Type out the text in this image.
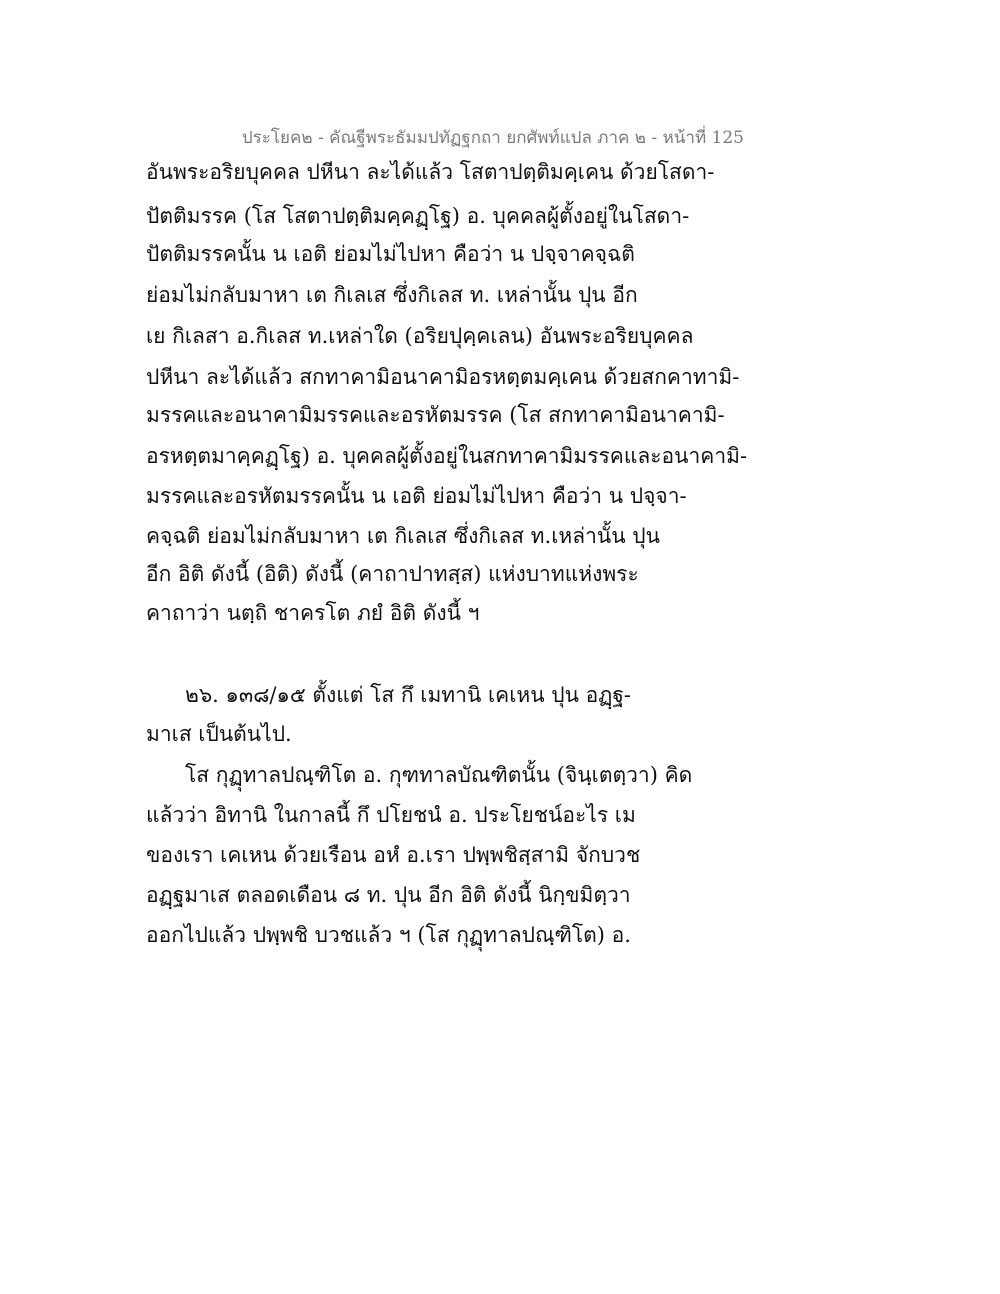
ประโยค๒ - คัณฐีพระธัมมปทัฏฐกถา ยกศัพท์แปล ภาค ๒ - หน้าที่ 125
อันพระอริยบุคคล ปหีนา ละได้แล้ว โสตาปตฺติมคฺเคน ด้วยโสดา-
ปัตติมรรค (โส โสตาปตฺติมคฺคฏฺโฐ) อ. บุคคลผู้ตั้งอยู่ในโสดา-
ปัตติมรรคนั้น น เอติ ย่อมไม่ไปหา คือว่า น ปจฺจาคจฺฉติ
ย่อมไม่กลับมาหา เต กิเลเส ซึ่งกิเลส ท. เหล่านั้น ปุน อีก
เย กิเลสา อ.กิเลส ท.เหล่าใด (อริยปุคฺคเลน) อันพระอริยบุคคล
ปหีนา ละได้แล้ว สกทาคามิอนาคามิอรหตฺตมคฺเคน ด้วยสกคาทามิ-
มรรคและอนาคามิมรรคและอรหัตมรรค (โส สกทาคามิอนาคามิ-
อรหตฺตมาคฺคฏฺโฐ) อ. บุคคลผู้ตั้งอยู่ในสกทาคามิมรรคและอนาคามิ-
มรรคและอรหัตมรรคนั้น น เอติ ย่อมไม่ไปหา คือว่า น ปจฺจา-
คจฺฉติ ย่อมไม่กลับมาหา เต กิเลเส ซึ่งกิเลส ท.เหล่านั้น ปุน
อีก อิติ ดังนี้ (อิติ) ดังนี้ (คาถาปาทสฺส) แห่งบาทแห่งพระ
คาถาว่า นตฺถิ ชาครโต ภยํ อิติ ดังนี้ ฯ
๒๖. ๑๓๘/๑๕ ตั้งแต่ โส กึ เมทานิ เคเหน ปุน อฏฺฐ-
มาเส เป็นต้นไป.
โส กุฏุทาลปณฺฑิโต อ. กุฑทาลบัณฑิตนั้น (จินฺเตตฺวา) คิด
แล้วว่า อิทานิ ในกาลนี้ กึ ปโยชนํ อ. ประโยชน์อะไร เม
ของเรา เคเหน ด้วยเรือน อหํ อ.เรา ปพฺพชิสฺสามิ จักบวช
อฏฺฐมาเส ตลอดเดือน ๘ ท. ปุน อีก อิติ ดังนี้ นิกฺขมิตฺวา
ออกไปแล้ว ปพฺพชิ บวชแล้ว ฯ (โส กุฏุทาลปณฺฑิโต) อ.
